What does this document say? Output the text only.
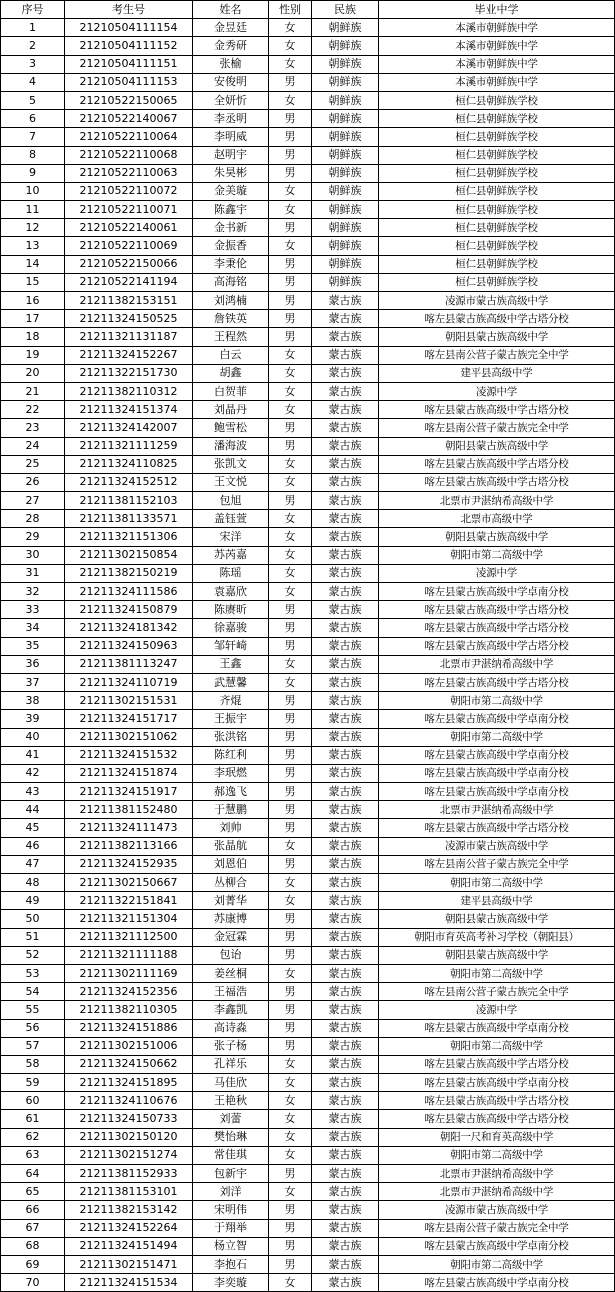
序号	考生号	姓名	性别	民族	毕业中学
1	21210504111154	金昱廷	女	朝鲜族	本溪市朝鲜族中学
2	21210504111152	金秀研	女	朝鲜族	本溪市朝鲜族中学
3	21210504111151	张榆	女	朝鲜族	本溪市朝鲜族中学
4	21210504111153	安俊明	男	朝鲜族	本溪市朝鲜族中学
5	21210522150065	全妍忻	女	朝鲜族	桓仁县朝鲜族学校
6	21210522140067	李丞明	男	朝鲜族	桓仁县朝鲜族学校
7	21210522110064	李明威	男	朝鲜族	桓仁县朝鲜族学校
8	21210522110068	赵明宇	男	朝鲜族	桓仁县朝鲜族学校
9	21210522110063	朱昊彬	男	朝鲜族	桓仁县朝鲜族学校
10	21210522110072	金美璇	女	朝鲜族	桓仁县朝鲜族学校
11	21210522110071	陈鑫宇	女	朝鲜族	桓仁县朝鲜族学校
12	21210522140061	金书新	男	朝鲜族	桓仁县朝鲜族学校
13	21210522110069	金振香	女	朝鲜族	桓仁县朝鲜族学校
14	21210522150066	李秉伦	男	朝鲜族	桓仁县朝鲜族学校
15	21210522141194	高海铭	男	朝鲜族	桓仁县朝鲜族学校
16	21211382153151	刘鸿楠	男	蒙古族	凌源市蒙古族高级中学
17	21211324150525	詹铁英	男	蒙古族	喀左县蒙古族高级中学古塔分校
18	21211321131187	王程然	男	蒙古族	朝阳县蒙古族高级中学
19	21211324152267	白云	女	蒙古族	喀左县南公营子蒙古族完全中学
20	21211322151730	胡鑫	女	蒙古族	建平县高级中学
21	21211382110312	白贺菲	女	蒙古族	凌源中学
22	21211324151374	刘晶丹	女	蒙古族	喀左县蒙古族高级中学古塔分校
23	21211324142007	鲍雪松	男	蒙古族	喀左县南公营子蒙古族完全中学
24	21211321111259	潘海波	男	蒙古族	朝阳县蒙古族高级中学
25	21211324110825	张凯文	女	蒙古族	喀左县蒙古族高级中学古塔分校
26	21211324152512	王文悦	女	蒙古族	喀左县蒙古族高级中学古塔分校
27	21211381152103	包旭	男	蒙古族	北票市尹湛纳希高级中学
28	21211381133571	盖钰萱	女	蒙古族	北票市高级中学
29	21211321151306	宋洋	女	蒙古族	朝阳县蒙古族高级中学
30	21211302150854	苏芮嘉	女	蒙古族	朝阳市第二高级中学
31	21211382150219	陈瑶	女	蒙古族	凌源中学
32	21211324111586	袁嘉欣	女	蒙古族	喀左县蒙古族高级中学卓南分校
33	21211324150879	陈赓昕	男	蒙古族	喀左县蒙古族高级中学古塔分校
34	21211324181342	徐嘉骏	男	蒙古族	喀左县蒙古族高级中学古塔分校
35	21211324150963	邹轩崎	男	蒙古族	喀左县蒙古族高级中学古塔分校
36	21211381113247	王鑫	女	蒙古族	北票市尹湛纳希高级中学
37	21211324110719	武慧馨	女	蒙古族	喀左县蒙古族高级中学古塔分校
38	21211302151531	齐焜	男	蒙古族	朝阳市第二高级中学
39	21211324151717	王振宇	男	蒙古族	喀左县蒙古族高级中学卓南分校
40	21211302151062	张洪铭	男	蒙古族	朝阳市第二高级中学
41	21211324151532	陈红利	男	蒙古族	喀左县蒙古族高级中学卓南分校
42	21211324151874	李珉燃	男	蒙古族	喀左县蒙古族高级中学卓南分校
43	21211324151917	郝逸飞	男	蒙古族	喀左县蒙古族高级中学卓南分校
44	21211381152480	于慧鹏	男	蒙古族	北票市尹湛纳希高级中学
45	21211324111473	刘帅	男	蒙古族	喀左县蒙古族高级中学古塔分校
46	21211382113166	张晶航	女	蒙古族	凌源市蒙古族高级中学
47	21211324152935	刘恩伯	男	蒙古族	喀左县南公营子蒙古族完全中学
48	21211302150667	丛柳合	女	蒙古族	朝阳市第二高级中学
49	21211322151841	刘菁华	女	蒙古族	建平县高级中学
50	21211321151304	苏康博	男	蒙古族	朝阳县蒙古族高级中学
51	21211321112500	金冠霖	男	蒙古族	朝阳市育英高考补习学校（朝阳县）
52	21211321111188	包诒	男	蒙古族	朝阳县蒙古族高级中学
53	21211302111169	姜丝桐	女	蒙古族	朝阳市第二高级中学
54	21211324152356	王福浩	男	蒙古族	喀左县南公营子蒙古族完全中学
55	21211382110305	李鑫凯	男	蒙古族	凌源中学
56	21211324151886	高诗淼	男	蒙古族	喀左县蒙古族高级中学卓南分校
57	21211302151006	张子杨	男	蒙古族	朝阳市第二高级中学
58	21211324150662	孔祥乐	女	蒙古族	喀左县蒙古族高级中学古塔分校
59	21211324151895	马佳欣	女	蒙古族	喀左县蒙古族高级中学卓南分校
60	21211324110676	王艳秋	女	蒙古族	喀左县蒙古族高级中学古塔分校
61	21211324150733	刘蕾	女	蒙古族	喀左县蒙古族高级中学古塔分校
62	21211302150120	樊怡琳	女	蒙古族	朝阳一尺和育英高级中学
63	21211302151274	常佳琪	女	蒙古族	朝阳市第二高级中学
64	21211381152933	包新宇	男	蒙古族	北票市尹湛纳希高级中学
65	21211381153101	刘洋	女	蒙古族	北票市尹湛纳希高级中学
66	21211382153142	宋明伟	男	蒙古族	凌源市蒙古族高级中学
67	21211324152264	于翔举	男	蒙古族	喀左县南公营子蒙古族完全中学
68	21211324151494	杨立智	男	蒙古族	喀左县蒙古族高级中学卓南分校
69	21211302151471	李抱石	男	蒙古族	朝阳市第二高级中学
70	21211324151534	李奕璇	女	蒙古族	喀左县蒙古族高级中学卓南分校
